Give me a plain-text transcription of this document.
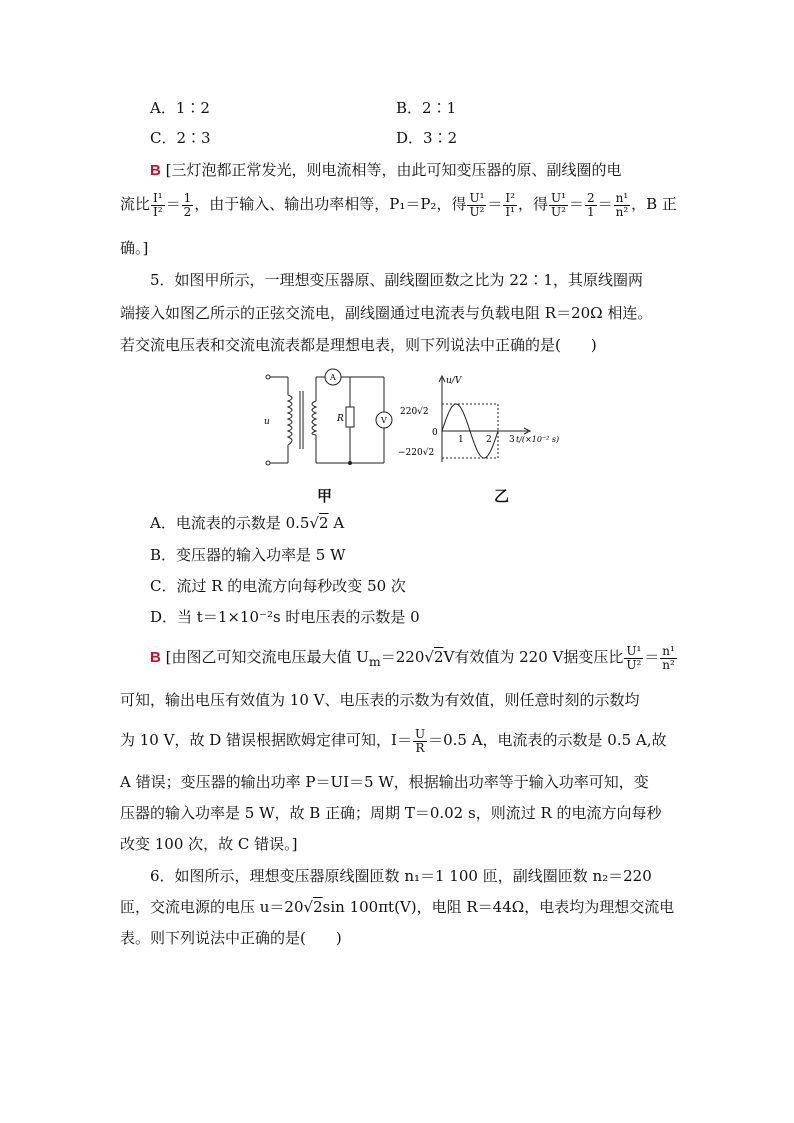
A．1∶2	B．2∶1
C．2∶3	D．3∶2
B [三灯泡都正常发光，则电流相等，由此可知变压器的原、副线圈的电
流比 $\frac{\text{I¹}}{\text{I²}} = \frac{1}{2}$ ，由于输入、输出功率相等，P₁＝P₂，得 $\frac{\text{U¹}}{\text{U²}} = \frac{\text{I²}}{\text{I¹}}$ ，得 $\frac{\text{U¹}}{\text{U²}} = \frac{2}{1} = \frac{\text{n¹}}{\text{n²}}$ ，B 正
确。]
5．如图甲所示，一理想变压器原、副线圈匝数之比为 22∶1，其原线圈两
端接入如图乙所示的正弦交流电，副线圈通过电流表与负载电阻 R＝20Ω 相连。
若交流电压表和交流电流表都是理想电表，则下列说法中正确的是(　　)
u
A
R	V
u/V
220√2
−220√2
0
1 2 3 t/(×10⁻² s)
甲	乙
A．电流表的示数是 0.5√2 A
B．变压器的输入功率是 5 W
C．流过 R 的电流方向每秒改变 50 次
D．当 t＝1×10⁻²s 时电压表的示数是 0
B [由图乙可知交流电压最大值 $U_m=220√2V$有效值为 220 V据变压比 $\frac{\text{U¹}}{\text{U²}} = \frac{\text{n¹}}{\text{n²}}$
可知，输出电压有效值为 10 V、电压表的示数为有效值，则任意时刻的示数均
为 10 V，故 D 错误根据欧姆定律可知，$I= \frac{U}{R} =0.5$ A，电流表的示数是 0.5 A,故
A 错误；变压器的输出功率 P＝UI＝5 W，根据输出功率等于输入功率可知，变
压器的输入功率是 5 W，故 B 正确；周期 T＝0.02 s，则流过 R 的电流方向每秒
改变 100 次，故 C 错误。]
6．如图所示，理想变压器原线圈匝数 n₁＝1 100 匝，副线圈匝数 n₂＝220
匝，交流电源的电压 u＝20√2sin 100πt(V)，电阻 R＝44Ω，电表均为理想交流电
表。则下列说法中正确的是(　　)
